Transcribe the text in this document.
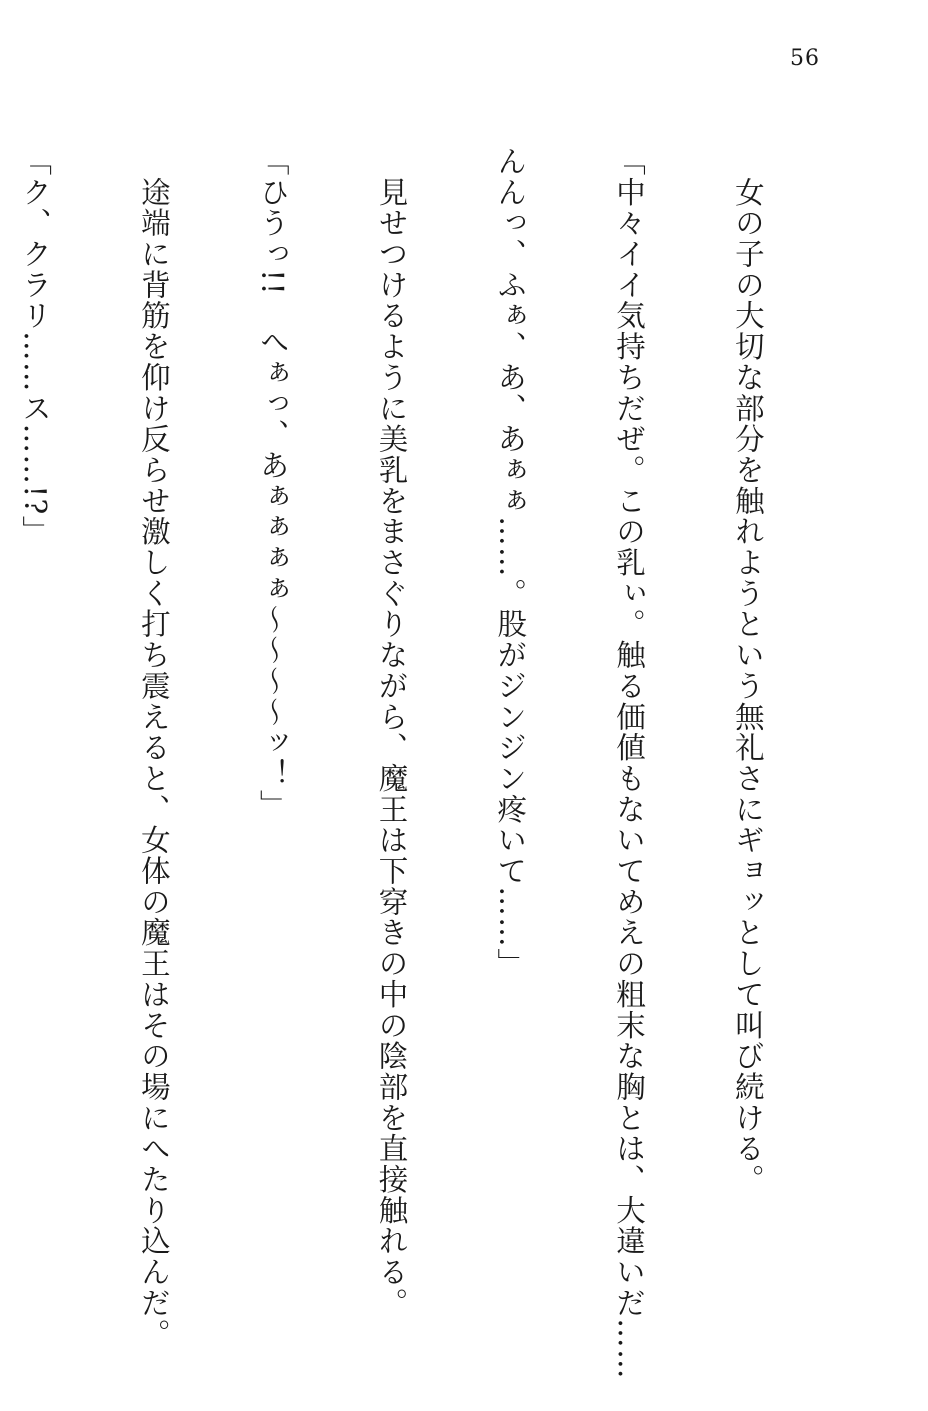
56

　女の子の大切な部分を触れようという無礼さにギョッとして叫び続ける。

「中々イイ気持ちだぜ。この乳ぃ。触る価値もないてめえの粗末な胸とは、大違いだ……

んんっ、ふぁ、あ、あぁぁ……。股がジンジン疼いて……」

　見せつけるように美乳をまさぐりながら、魔王は下穿きの中の陰部を直接触れる。

「ひうっ!!　へぁっ、あぁぁぁぁ～～～～ッ！」

　途端に背筋を仰け反らせ激しく打ち震えると、女体の魔王はその場にへたり込んだ。

「ク、クラリ……ス……!?」
